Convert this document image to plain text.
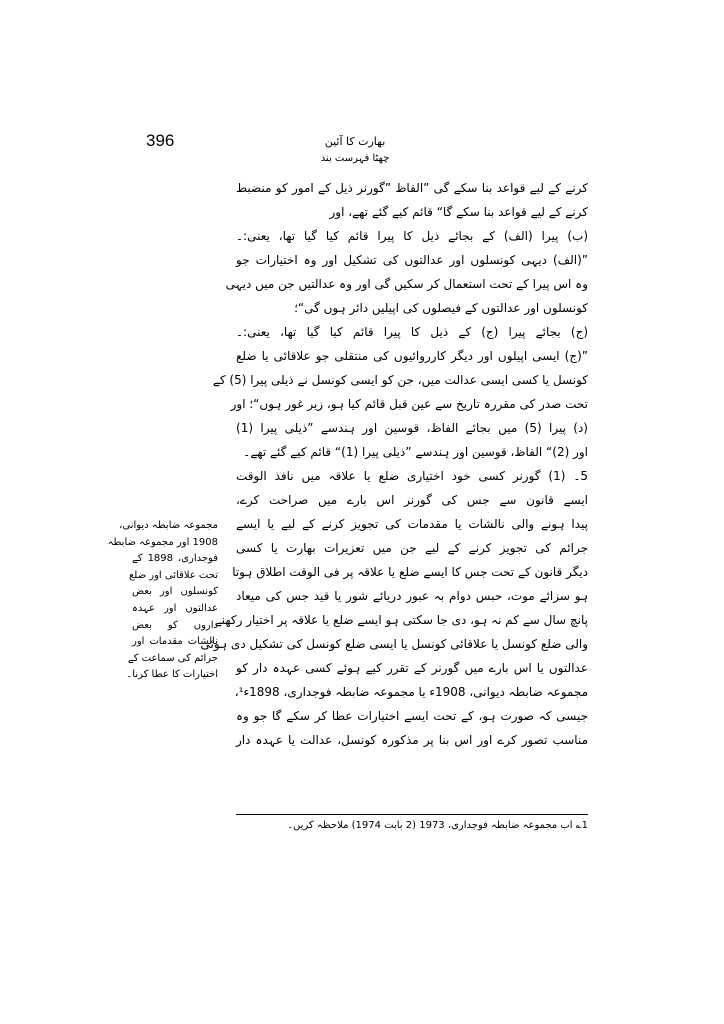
396	بھارت کا آئین
چھٹا فہرست بند
کرنے کے لیے قواعد بنا سکے گی ”الفاظ ”گورنر ذیل کے امور کو منضبط
کرنے کے لیے قواعد بنا سکے گا“ قائم کیے گئے تھے، اور
(ب) پیرا (الف) کے بجائے ذیل کا پیرا قائم کیا گیا تھا، یعنی:۔
”(الف) دیہی کونسلوں اور عدالتوں کی تشکیل اور وہ اختیارات جو
وہ اس پیرا کے تحت استعمال کر سکیں گی اور وہ عدالتیں جن میں دیہی
کونسلوں اور عدالتوں کے فیصلوں کی اپیلیں دائر ہوں گی“؛
(ج) بجائے پیرا (ج) کے ذیل کا پیرا قائم کیا گیا تھا، یعنی:۔
”(ج) ایسی اپیلوں اور دیگر کارروائیوں کی منتقلی جو علاقائی یا ضلع
کونسل یا کسی ایسی عدالت میں، جن کو ایسی کونسل نے ذیلی پیرا (5) کے
تحت صدر کی مقررہ تاریخ سے عین قبل قائم کیا ہو، زیر غور ہوں“؛ اور
(د) پیرا (5) میں بجائے الفاظ، قوسین اور ہندسے ”ذیلی پیرا (1)
اور (2)“ الفاظ، قوسین اور ہندسے ”ذیلی پیرا (1)“ قائم کیے گئے تھے۔
5۔ (1) گورنر کسی خود اختیاری ضلع یا علاقہ میں نافذ الوقت
ایسے قانون سے جس کی گورنر اس بارے میں صراحت کرے،
پیدا ہونے والی نالشات یا مقدمات کی تجویز کرنے کے لیے یا ایسے
جرائم کی تجویز کرنے کے لیے جن میں تعزیرات بھارت یا کسی
دیگر قانون کے تحت جس کا ایسے ضلع یا علاقہ پر فی الوقت اطلاق ہوتا
ہو سزائے موت، حبس دوام بہ عبور دریائے شور یا قید جس کی میعاد
پانچ سال سے کم نہ ہو، دی جا سکتی ہو ایسے ضلع یا علاقہ پر اختیار رکھنے
والی ضلع کونسل یا علاقائی کونسل یا ایسی ضلع کونسل کی تشکیل دی ہوئی
عدالتوں یا اس بارے میں گورنر کے تقرر کیے ہوئے کسی عہدہ دار کو
مجموعہ ضابطہ دیوانی، 1908ء یا مجموعہ ضابطہ فوجداری، 1898ء¹،
جیسی کہ صورت ہو، کے تحت ایسے اختیارات عطا کر سکے گا جو وہ
مناسب تصور کرے اور اس بنا پر مذکورہ کونسل، عدالت یا عہدہ دار
مجموعہ ضابطہ دیوانی،
1908 اور مجموعہ ضابطہ
فوجداری، 1898 کے
تحت علاقائی اور ضلع
کونسلوں اور بعض
عدالتوں اور عہدہ
داروں کو بعض
نالشات مقدمات اور
جرائم کی سماعت کے
اختیارات کا عطا کرنا۔
1؎ اب مجموعہ ضابطہ فوجداری، 1973 (2 بابت 1974) ملاحظہ کریں۔
